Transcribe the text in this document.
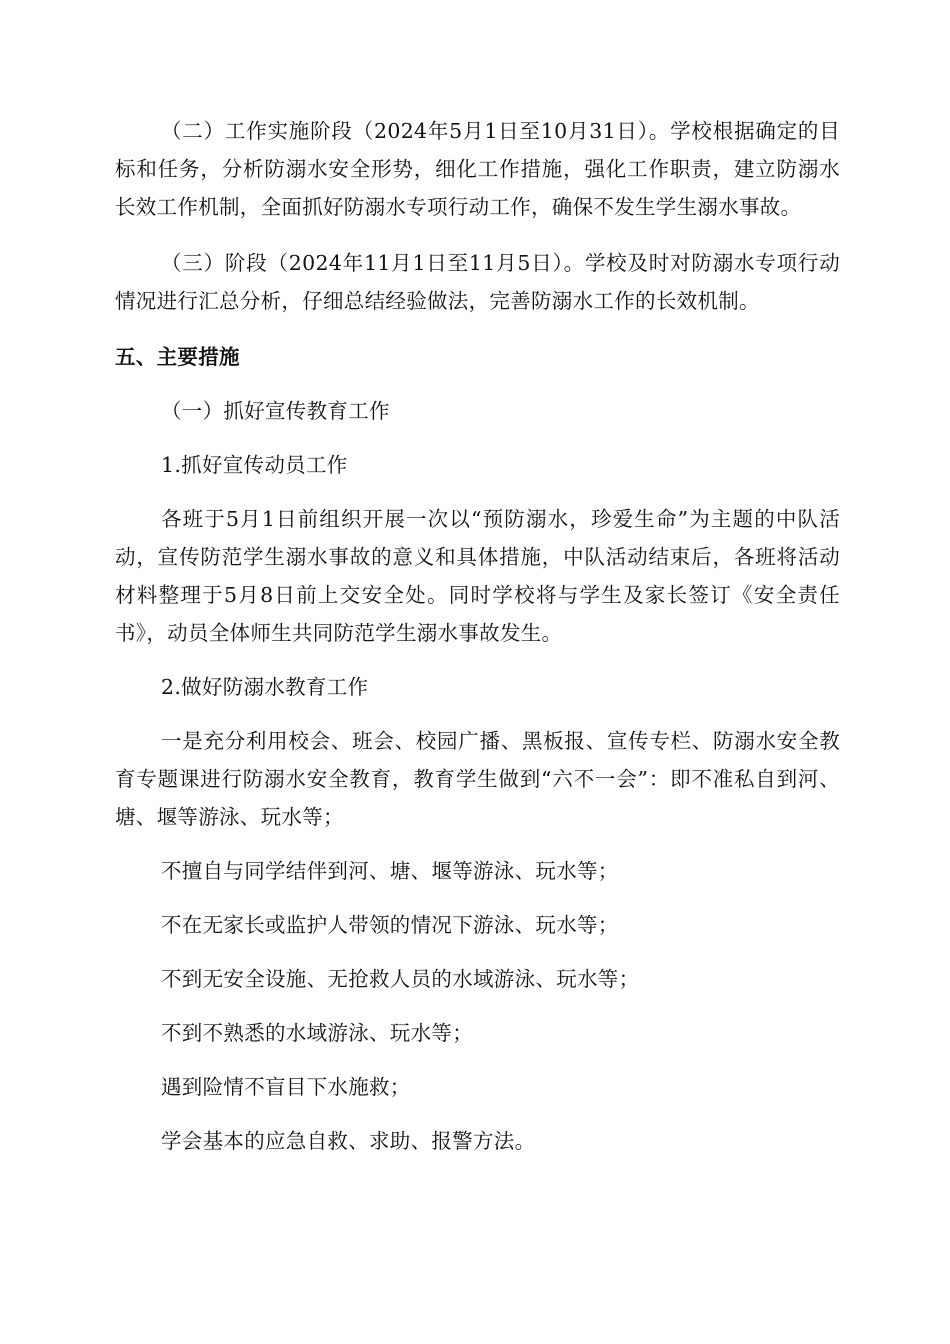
（二）工作实施阶段（2024年5月1日至10月31日）。学校根据确定的目标和任务，分析防溺水安全形势，细化工作措施，强化工作职责，建立防溺水长效工作机制，全面抓好防溺水专项行动工作，确保不发生学生溺水事故。

（三）阶段（2024年11月1日至11月5日）。学校及时对防溺水专项行动情况进行汇总分析，仔细总结经验做法，完善防溺水工作的长效机制。

五、主要措施

（一）抓好宣传教育工作

1.抓好宣传动员工作

各班于5月1日前组织开展一次以“预防溺水，珍爱生命”为主题的中队活动，宣传防范学生溺水事故的意义和具体措施，中队活动结束后，各班将活动材料整理于5月8日前上交安全处。同时学校将与学生及家长签订《安全责任书》，动员全体师生共同防范学生溺水事故发生。

2.做好防溺水教育工作

一是充分利用校会、班会、校园广播、黑板报、宣传专栏、防溺水安全教育专题课进行防溺水安全教育，教育学生做到“六不一会”：即不准私自到河、塘、堰等游泳、玩水等；

不擅自与同学结伴到河、塘、堰等游泳、玩水等；

不在无家长或监护人带领的情况下游泳、玩水等；

不到无安全设施、无抢救人员的水域游泳、玩水等；

不到不熟悉的水域游泳、玩水等；

遇到险情不盲目下水施救；

学会基本的应急自救、求助、报警方法。
